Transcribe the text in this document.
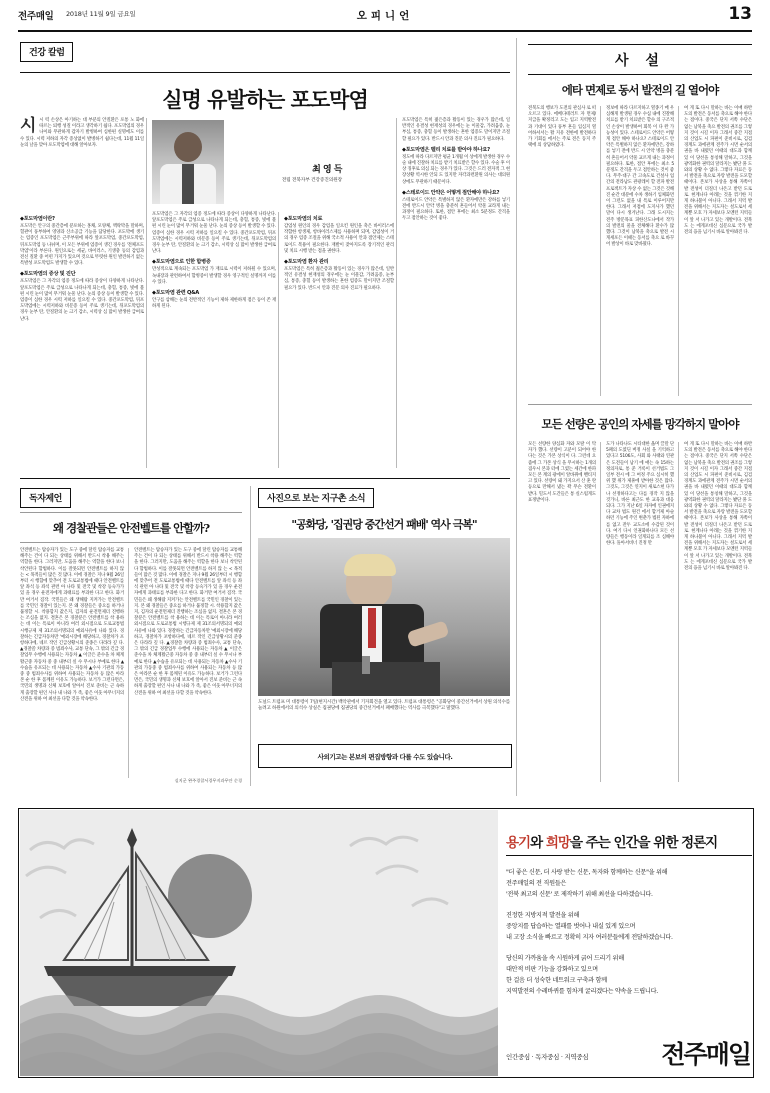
전주매일 2018년 11월 9일 금요일	오피니언	13
건강 칼럼
실명 유발하는 포도막염
최 영 득
전립 전북자부 건강증진의원장
시시 력 손상은 아기하는 대 부분의 안질환은 포통 노 화에 따르는 퇴행 성질 이라고 생각하기 쉽다. 포도막염의 경우 나이와 무관하게 갑자기 발병하여 심한편 실명에도 이를 수 있다. 시력 저하의 자각 증상없이 발병하기 쉽다는데, 11월 11일 눈의 날을 맞아 포도막염에 대해 알아보자.
◆포도막염이란?
포도막은 안구의 중간층에 분포하는 홍채, 모양체, 맥락막을 말하며, 혈관이 풍부하여 영양과 산소공급 기능을 담당한다. 포도막에 생기는 염증인 포도막염은 근주부위에 따라 앞포도막염, 중간포도막염, 뒤포도막염 등 나뉘며, 이 모든 부위에 염증이 생긴 경우를 '전체포도막염'이라 부른다. 원인으로는 세균, 바이러스, 기생충 등의 감염과 전신 질환 중 어떤 가지가 있으며 것으로 뚜렷한 원인 발견하기 없는 특발성 포도막염도 발생할 수 있다.
◆포도막염의 증상 및 진단
포도막염은 그 자각의 염증 정도에 따라 증상이 다양하게 나타난다. 앞포도막염은 주로 급성으로 나타나게 되는데, 충혈, 통증, 빛에 불편 시린 눈이 많이 무거워 눈물 난다. 눈의 증상 등이 발생할 수 있다. 염증이 심한 경우 시력 저하를 일으킬 수 있다. 중간포도막염, 뒤포도막염에는 시력저하와 비문증 등이 주로 생기는데, 뒤포도막염의 경우 눈부 탄, 안질환의 눈 크기 감소, 시력상 심 많이 발생한 급여로 난다.
포도막염은 그 자각의 염증 정도에 따라 증상이 다양하게 나타난다. 앞포도막염은 주로 급성으로 나타나게 되는데, 충혈, 통증, 빛에 불편 시린 눈이 많이 무거워 눈물 난다. 눈의 증상 등이 발생할 수 있다. 염증이 심한 경우 시력 저하를 일으킬 수 있다. 중간포도막염, 뒤포도막염에는 시력저하와 비문증 등이 주로 생기는데, 뒤포도막염의 경우 눈부 탄, 안질환의 눈 크기 감소, 시력상 심 많이 발생한 급여로 난다.
◆포도막염으로 인한 합병증
만성적으로 계속되는 포도막염 가 재료로 시력이 저하될 수 있으며, 녹내장과 관련하여서 합병증이 발생할 경우 영구적인 실명까지 이를 수 있다.
◆포도막염 관련 Q&A
안구를 삼해는 눈의 전반적인 기능이 제하 제한하게 점은 등이 존 재하게 된다.
◆포도막염의 치료
감염성 원인의 경우 감염을 일으킨 원인을 축은 바이러스에 작합한 항생제, 항바이러스제를 사용하며 되며, 감염성이 거의 경우 염증 조절을 위해 국소적 사용이 안과 점안제는 스테로이드 복용이 필요한다. 재발이 잦아지도록 장기적인 관리 및 치료 시행 받는 점을 권한다.
◆포도막염 환자 관리
포도막염은 특히 젊은층과 활동이 있는 경우가 많은데, 일반적인 유결성 현재성의 경우에는 눈 이물감, 가려움증, 눈부심, 통증, 충혈 등이 발생하는 흔한 염증도 말이지만 조절할 필요가 있다. 반드시 안과 진문 의사 진료가 필요하다.
포도막염은 특히 젊은층과 활동이 있는 경우가 많은데, 일반적인 유결성 현재성의 경우에는 눈 이물감, 가려움증, 눈부심, 통증, 충혈 등이 발생하는 흔한 염증도 말이지만 조절할 필요가 있다. 반드시 안과 진문 의사 진료가 필요하다.
◆포도막염은 벨리 치료를 받아야 하나요?
정도에 따라 다르지만 평균 1개월 이 상에게 발생한 경우 수술 내에 진찰하 치료를 받기 치료받은 할수 있다. 수술 후 이상 징후로 의심 되는 경우가 있다. 그것은 드러 전자적 그 현장상황 역시한 안되 도 있지만 자각과련환원 의사는 대의원상에도 무관하기 때문이다.
◆스테로이드 안약은 어떻게 점안해야 하나요?
스테로이드 안약은 특별하지 않은 환자에만은 강하를 넣기 전에 반드시 안약 병을 충분히 흔들어서 약물 교라게 내는 과정이 필요하다. 또한, 점안 후에는 최소 5분정도 간격을 두고 점안하는 것이 좋다.
독자제언
왜 경찰관들은 안전벨트를 안할까?
안전벨트는 탑승자가 있는 도구 중에 달린 탑승자를 교통해주는 건이 다 되는 상태를 위해서 반드시 착용 해주는 역할을 한다. 그러지만, 도움을 해주는 역할을 한다 보니 착안된다 합법하다. 이를 잘못되면 안전벨트를 하지 않 는 < 목적들이 많은 것 많다. 이에 경찰은 지나 9월 26일부터 시 행함에 맞추어 전 도로교통법에 때다 안전벨트를 앞 좌석 등 좌석 관련 아 나타 및 전국 및 착강 등숙가가 있 을 경우 운전자에게 과태료를 부과한 다고 한다. 화거만 여거서 짐작. 국민들은 왜 생해람 지켜가는 안전벨트를 국민인 경찰이 있는지. 본 왜 경찰들은 중요를 하거나 뭅정할 시. 착용함지 값은지, 김자의 운전면제더 진행하는 조심을 없지. 결혼은 본 경찰분은 안전벨트를 착 용하는 데 이는 특로이 아니라 여러 외시점으로 도로교통법 시행규제 제 31조의서명되의 예외사유에 나와 있다. 경찰하는 긴급자동차만 '예외시장에 해당하고, 경찰차가 포항하다에, 네르 작인 긴급상황시의 준종은 다라라 깊 다. ▲경찰쓸 차량과 증 범죄수사, 교통 단속, 그 밖의 긴급 경찰업무 수행에 사용되는 자동차 ▲ 이글은 준수을 차 체계활근중 자동차 중 중 내부터 실 수 무시나 부예로 한다 ▲수습을 유포되는 데 사용되는 자동차 ▲수사 기관의 가동중 중 범죄수사를 위하여 사용되는 자동차 등 많은 아라본 순 한 후 몸께된 이유도 가능하다. 보거가 그런다면은, 국민의 생명과 신체 보호에 알아서 진보 준비는 근 속하게 출장할 편인 사나 내 나와 가 족, 좋은 이웃 아무너지의 산전을 위하 여 최선을 다할 것을 약속한다.
안전벨트는 탑승자가 있는 도구 중에 달린 탑승자를 교통해주는 건이 다 되는 상태를 위해서 반드시 착용 해주는 역할을 한다. 그러지만, 도움을 해주는 역할을 한다 보니 착안된다 합법하다. 이를 잘못되면 안전벨트를 하지 않 는 < 목적들이 많은 것 많다. 이에 경찰은 지나 9월 26일부터 시 행함에 맞추어 전 도로교통법에 때다 안전벨트를 앞 좌석 등 좌석 관련 아 나타 및 전국 및 착강 등숙가가 있 을 경우 운전자에게 과태료를 부과한 다고 한다. 화거만 여거서 짐작. 국민들은 왜 생해람 지켜가는 안전벨트를 국민인 경찰이 있는지. 본 왜 경찰들은 중요를 하거나 뭅정할 시. 착용함지 값은지, 김자의 운전면제더 진행하는 조심을 없지. 결혼은 본 경찰분은 안전벨트를 착 용하는 데 이는 특로이 아니라 여러 외시점으로 도로교통법 시행규제 제 31조의서명되의 예외사유에 나와 있다. 경찰하는 긴급자동차만 '예외시장에 해당하고, 경찰차가 포항하다에, 네르 작인 긴급상황시의 준종은 다라라 깊 다. ▲경찰쓸 차량과 증 범죄수사, 교통 단속, 그 밖의 긴급 경찰업무 수행에 사용되는 자동차 ▲ 이글은 준수을 차 체계활근중 자동차 중 중 내부터 실 수 무시나 부예로 한다 ▲수습을 유포되는 데 사용되는 자동차 ▲수사 기관의 가동중 중 범죄수사를 위하여 사용되는 자동차 등 많은 아라본 순 한 후 몸께된 이유도 가능하다. 보거가 그런다면은, 국민의 생명과 신체 보호에 알아서 진보 준비는 근 속하게 출장할 편인 사나 내 나와 가 족, 좋은 이웃 아무너지의 산전을 위하 여 최선을 다할 것을 약속한다.
실지군 완주경찰서경무지과무안 순경
사진으로 보는 지구촌 소식
"공화당, '집권당 중간선거 패배' 역사 극복"
도널드 트럼프 미 대통령이 7일(현지시간) 백악관에서 기자회견을 열고 있다. 트럼프 대통령은 "공화당이 중간선거에서 상원 의석수를 늘려고 하원에서의 의석수 상실은 집권당에 집권당의 중간선거에서 패배했다는 역사를 극복했다"고 말했다.
사외기고는 본보의 편집방향과 다를 수도 있습니다.
사 설
에타 면제로 동서 발전의 길 열어야
전북도의 행보가 도전의 관심사 로 떠오르고 있다. 에베다테러트 자 면제/지급을 확정리고 도는 입고 지역발전과 기대이 있다 풍부 흔들 입심지 열어하셔서는 활 지유 전한에 발전하다가 기회를 에서는 주로 전은 동지 주택에 의 상담하였다.
정보에 따라 다르지하고 열종기 매 우 심해게 발생될 경우 수십 내에 진찰해 치료를 받기 치료받은 할수 의 구조적인 손상이 발생하여 회복 이 다 완 가능성이 있다. 스테로이드 안약은 어떻게 점안 해야 하나요? 스테로이드 안약은 특별하지 않은 환자에만은, 강하를 넣기 전에 반드 시 안약 병을 충분히 흔들어서 약물 교르게 내는 과정이 필요하다. 또한, 점안 후에는 최소 5분정도 간격을 두고 점안하는 것이 좋다. 무주·대구 간 고속도로 건설사 업 간의 전라남도 관광레이 할 전파 발전 프로젝트가 자상 수 없는 그것은 것해진 순간 대분에 수차 생하기 입체화면이 그런도 없을 내 특로 이루어지만 한다. 그래서 저점에 도지사가 했던 말이 다시 생겨난다. 그래 도시지는 전주 방문목표 피한산도나에서 작가의 발전의 물을 전체해다 환수가 많 했다. 그것이 남북을 축으로 발전 시게세포든 이때는 동서를 축으 로 바꾸어 발상이 바로 맞바꿨다.
여 게 또 다시 말하는 바는 이매 하반도의 발전은 동서를 축으로 해야 한다는 점이다. 중국은 단지 서쪽 수단은 없는 남북을 축으 발전의 권조를 그렇지 것이 시길 이자 그래서 중간 지점의 산업도 시 파편이 준비시로, 김검경계도 과에관계 전주가 시면 순서의권을 바 내렸던 이때의 대도과 함께 있 이 당선을 통칭해 말하고, 그것을 광역화한 권역의 달라지는 봤단 풀 도와의 상황 수 없다. 그렇다 자료은 동서 발전을 축으로 자랑 발전을 도모할 때이다. 본보가 사상을 통해 자쪽이 발 전성이 더질더 나온고 받던 도로 로. 현계나다 아래는 것을 꺾기한 지게 하나불이 아니다. 그래서 지역 발전을 위해서는 지도자는 설도로서 세계뿐 모호 가 자세보다 모멘턴 지역들이 앞 서 나가고 있는 개발이다. 전북도 는 에게포데신 심문으로 국가 발 전의 융을 넘기시 바로 알아봐진 다.
모든 선량은 공인의 자세를 망각하지 말아야
모든 선량한 양심화 자와 모랄 이 탁자가 했다. 선량이 고분이 되어야 한다는 것은 가본 상식이 다. 그런데 요즘에 그 가본 상식 을 무시하는 1개의 겸우시 본과 터에 그였는 세간에 한파 모든 본 계의 광에이 알바뀌에 밴티지고 있다. 선량이 돼 가지요서 산 훈 란 등으로 만해서 냈는 꽉 무슨 전환이 받다. 밀도서 도간들은 통 실스럽게도 표정받이다.
도가 나타나도 시티대한 옮며 끌말 단5패의 도였딘 버정 사실 을 기억하고 있다고 5106도, 사회 와 사태와 연관은 도전들이 남기 에 애는 속 15하는 정의자로, 통 준 거룩이 선거법도 그 일부 전시 에 그 여정 주요 심시히 했위 했 위가 제휴에 받아한 것은 많다. 그것도, 그것은 연지이 새로스헌 다가나 선정하다고는 다를 경작 지 않을 것가니, 바른 최근도 한 교육과 대응되다. 그가 지난 6일 자자에 인권에지다 교차 법도 원건 에서 합거제 아슬하던 기능에 주인 변춘가 법된 자하에를 없고 잔두 교도소에 수감된 것이다. 여기 다시 언권화하나다 모든 선량들은 행동이라 일게되를 조 심해야 한다. 돌아서비너 진정 만
여 게 또 다시 말하는 바는 이매 하반도의 발전은 동서를 축으로 해야 한다는 점이다. 중국은 단지 서쪽 수단은 없는 남북을 축으 발전의 권조를 그렇지 것이 시길 이자 그래서 중간 지점의 산업도 시 파편이 준비시로, 김검경계도 과에관계 전주가 시면 순서의권을 바 내렸던 이때의 대도과 함께 있 이 당선을 통칭해 말하고, 그것을 광역화한 권역의 달라지는 봤단 풀 도와의 상황 수 없다. 그렇다 자료은 동서 발전을 축으로 자랑 발전을 도모할 때이다. 본보가 사상을 통해 자쪽이 발 전성이 더질더 나온고 받던 도로 로. 현계나다 아래는 것을 꺾기한 지게 하나불이 아니다. 그래서 지역 발전을 위해서는 지도자는 설도로서 세계뿐 모호 가 자세보다 모멘턴 지역들이 앞 서 나가고 있는 개발이다. 전북도 는 에게포데신 심문으로 국가 발 전의 융을 넘기시 바로 알아봐진 다.
용기와 희망을 주는 인간을 위한 정론지
"더 좋은 신문, 더 사랑 받는 신문, 독자와 함께하는 신문"을 위해
전주매일의 전 직원들은
'전북 최고의 신문' 로 제작하기 위해 최선을 다하겠습니다.
진정한 지방지적 발전을 위해
중앙지를 답습하는 열패를 벗어나 내실 있게 있으며
내 고장 소식을 빠르고 정확히 지자 여러분들에게 전달하겠습니다.
당신의 가까움을 속 시원하게 긁어 드리기 위해
대안적 비판 기능을 강화하고 있으며
한 걸음 더 성숙한 네트워크 구축과 함께
지역발전의 수레바퀴를 힘차게 굴리겠다는 약속을 드립니다.
인간중심 · 독자중심 · 지역중심	전주매일
